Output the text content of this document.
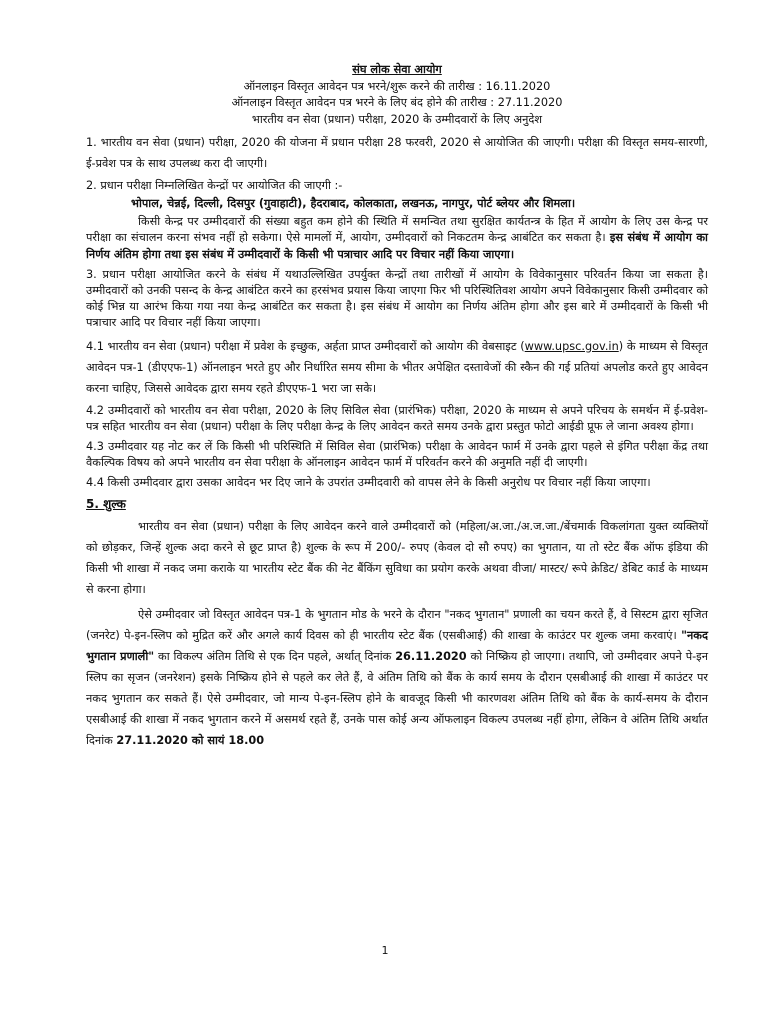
संघ लोक सेवा आयोग

ऑनलाइन विस्तृत आवेदन पत्र भरने/शुरू करने की तारीख : 16.11.2020

ऑनलाइन विस्तृत आवेदन पत्र भरने के लिए बंद होने की तारीख : 27.11.2020

भारतीय वन सेवा (प्रधान) परीक्षा, 2020 के उम्मीदवारों के लिए अनुदेश

1. भारतीय वन सेवा (प्रधान) परीक्षा, 2020 की योजना में प्रधान परीक्षा 28 फरवरी, 2020 से आयोजित की जाएगी। परीक्षा की विस्तृत समय-सारणी, ई-प्रवेश पत्र के साथ उपलब्ध करा दी जाएगी।

2. प्रधान परीक्षा निम्नलिखित केन्द्रों पर आयोजित की जाएगी :-

भोपाल, चेन्नई, दिल्ली, दिसपुर (गुवाहाटी), हैदराबाद, कोलकाता, लखनऊ, नागपुर, पोर्ट ब्लेयर और शिमला।

किसी केन्द्र पर उम्मीदवारों की संख्या बहुत कम होने की स्थिति में समन्वित तथा सुरक्षित कार्यतन्त्र के हित में आयोग के लिए उस केन्द्र पर परीक्षा का संचालन करना संभव नहीं हो सकेगा। ऐसे मामलों में, आयोग, उम्मीदवारों को निकटतम केन्द्र आबंटित कर सकता है। इस संबंध में आयोग का निर्णय अंतिम होगा तथा इस संबंध में उम्मीदवारों के किसी भी पत्राचार आदि पर विचार नहीं किया जाएगा।

3. प्रधान परीक्षा आयोजित करने के संबंध में यथाउल्लिखित उपर्युक्त केन्द्रों तथा तारीखों में आयोग के विवेकानुसार परिवर्तन किया जा सकता है। उम्मीदवारों को उनकी पसन्द के केन्द्र आबंटित करने का हरसंभव प्रयास किया जाएगा फिर भी परिस्थितिवश आयोग अपने विवेकानुसार किसी उम्मीदवार को कोई भिन्न या आरंभ किया गया नया केन्द्र आबंटित कर सकता है। इस संबंध में आयोग का निर्णय अंतिम होगा और इस बारे में उम्मीदवारों के किसी भी पत्राचार आदि पर विचार नहीं किया जाएगा।

4.1 भारतीय वन सेवा (प्रधान) परीक्षा में प्रवेश के इच्छुक, अर्हता प्राप्त उम्मीदवारों को आयोग की वेबसाइट (www.upsc.gov.in) के माध्यम से विस्तृत आवेदन पत्र-1 (डीएएफ-1) ऑनलाइन भरते हुए और निर्धारित समय सीमा के भीतर अपेक्षित दस्तावेजों की स्कैन की गई प्रतियां अपलोड करते हुए आवेदन करना चाहिए, जिससे आवेदक द्वारा समय रहते डीएएफ-1 भरा जा सके।

4.2 उम्मीदवारों को भारतीय वन सेवा परीक्षा, 2020 के लिए सिविल सेवा (प्रारंभिक) परीक्षा, 2020 के माध्यम से अपने परिचय के समर्थन में ई-प्रवेश-पत्र सहित भारतीय वन सेवा (प्रधान) परीक्षा के लिए परीक्षा केन्द्र के लिए आवेदन करते समय उनके द्वारा प्रस्तुत फोटो आईडी प्रूफ ले जाना अवश्य होगा।

4.3 उम्मीदवार यह नोट कर लें कि किसी भी परिस्थिति में सिविल सेवा (प्रारंभिक) परीक्षा के आवेदन फार्म में उनके द्वारा पहले से इंगित परीक्षा केंद्र तथा वैकल्पिक विषय को अपने भारतीय वन सेवा परीक्षा के ऑनलाइन आवेदन फार्म में परिवर्तन करने की अनुमति नहीं दी जाएगी।

4.4 किसी उम्मीदवार द्वारा उसका आवेदन भर दिए जाने के उपरांत उम्मीदवारी को वापस लेने के किसी अनुरोध पर विचार नहीं किया जाएगा।

5. शुल्क

भारतीय वन सेवा (प्रधान) परीक्षा के लिए आवेदन करने वाले उम्मीदवारों को (महिला/अ.जा./अ.ज.जा./बेंचमार्क विकलांगता युक्त व्यक्तियों को छोड़कर, जिन्हें शुल्क अदा करने से छूट प्राप्त है) शुल्क के रूप में 200/- रुपए (केवल दो सौ रुपए) का भुगतान, या तो स्टेट बैंक ऑफ इंडिया की किसी भी शाखा में नकद जमा कराके या भारतीय स्टेट बैंक की नेट बैंकिंग सुविधा का प्रयोग करके अथवा वीजा/ मास्टर/ रूपे क्रेडिट/ डेबिट कार्ड के माध्यम से करना होगा।

ऐसे उम्मीदवार जो विस्तृत आवेदन पत्र-1 के भुगतान मोड के भरने के दौरान "नकद भुगतान" प्रणाली का चयन करते हैं, वे सिस्टम द्वारा सृजित (जनरेट) पे-इन-स्लिप को मुद्रित करें और अगले कार्य दिवस को ही भारतीय स्टेट बैंक (एसबीआई) की शाखा के काउंटर पर शुल्क जमा करवाएं। "नकद भुगतान प्रणाली" का विकल्प अंतिम तिथि से एक दिन पहले, अर्थात् दिनांक 26.11.2020 को निष्क्रिय हो जाएगा। तथापि, जो उम्मीदवार अपने पे-इन स्लिप का सृजन (जनरेशन) इसके निष्क्रिय होने से पहले कर लेते हैं, वे अंतिम तिथि को बैंक के कार्य समय के दौरान एसबीआई की शाखा में काउंटर पर नकद भुगतान कर सकते हैं। ऐसे उम्मीदवार, जो मान्य पे-इन-स्लिप होने के बावजूद किसी भी कारणवश अंतिम तिथि को बैंक के कार्य-समय के दौरान एसबीआई की शाखा में नकद भुगतान करने में असमर्थ रहते हैं, उनके पास कोई अन्य ऑफलाइन विकल्प उपलब्ध नहीं होगा, लेकिन वे अंतिम तिथि अर्थात दिनांक 27.11.2020 को सायं 18.00

1
